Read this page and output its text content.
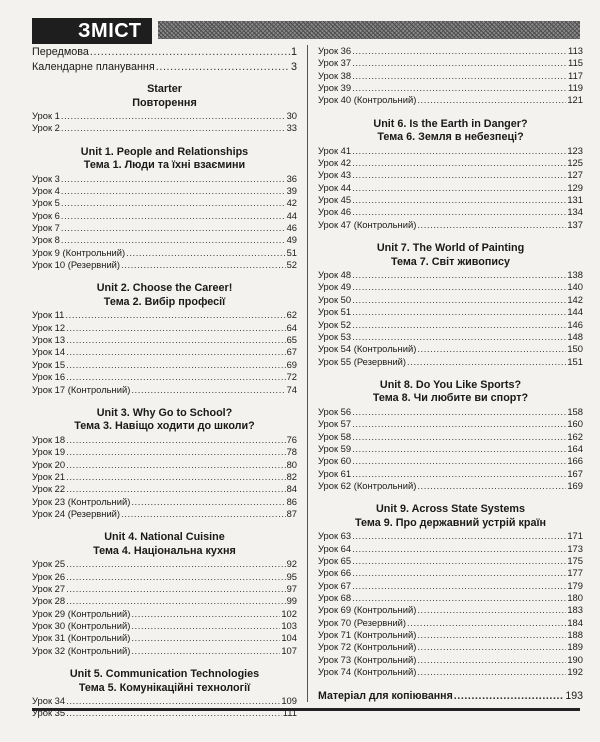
ЗМІСТ
Передмова .....	1
Календарне планування .....	3
Starter
Повторення
Урок 1 .....	30
Урок 2 .....	33
Unit 1. People and Relationships
Тема 1. Люди та їхні взаємини
Урок 3 .....	36
Урок 4 .....	39
Урок 5 .....	42
Урок 6 .....	44
Урок 7 .....	46
Урок 8 .....	49
Урок 9 (Контрольний) .....	51
Урок 10 (Резервний) .....	52
Unit 2. Choose the Career!
Тема 2. Вибір професії
Урок 11 .....	62
Урок 12 .....	64
Урок 13 .....	65
Урок 14 .....	67
Урок 15 .....	69
Урок 16 .....	72
Урок 17 (Контрольний) .....	74
Unit 3. Why Go to School?
Тема 3. Навіщо ходити до школи?
Урок 18 .....	76
Урок 19 .....	78
Урок 20 .....	80
Урок 21 .....	82
Урок 22 .....	84
Урок 23 (Контрольний) .....	86
Урок 24 (Резервний) .....	87
Unit 4. National Cuisine
Тема 4. Національна кухня
Урок 25 .....	92
Урок 26 .....	95
Урок 27 .....	97
Урок 28 .....	99
Урок 29 (Контрольний) .....	102
Урок 30 (Контрольний) .....	103
Урок 31 (Контрольний) .....	104
Урок 32 (Контрольний) .....	107
Unit 5. Communication Technologies
Тема 5. Комунікаційні технології
Урок 34 .....	109
Урок 35 .....	111
Урок 36 .....	113
Урок 37 .....	115
Урок 38 .....	117
Урок 39 .....	119
Урок 40 (Контрольний) .....	121
Unit 6. Is the Earth in Danger?
Тема 6. Земля в небезпеці?
Урок 41 .....	123
Урок 42 .....	125
Урок 43 .....	127
Урок 44 .....	129
Урок 45 .....	131
Урок 46 .....	134
Урок 47 (Контрольний) .....	137
Unit 7. The World of Painting
Тема 7. Світ живопису
Урок 48 .....	138
Урок 49 .....	140
Урок 50 .....	142
Урок 51 .....	144
Урок 52 .....	146
Урок 53 .....	148
Урок 54 (Контрольний) .....	150
Урок 55 (Резервний) .....	151
Unit 8. Do You Like Sports?
Тема 8. Чи любите ви спорт?
Урок 56 .....	158
Урок 57 .....	160
Урок 58 .....	162
Урок 59 .....	164
Урок 60 .....	166
Урок 61 .....	167
Урок 62 (Контрольний) .....	169
Unit 9. Across State Systems
Тема 9. Про державний устрій країн
Урок 63 .....	171
Урок 64 .....	173
Урок 65 .....	175
Урок 66 .....	177
Урок 67 .....	179
Урок 68 .....	180
Урок 69 (Контрольний) .....	183
Урок 70 (Резервний) .....	184
Урок 71 (Контрольний) .....	188
Урок 72 (Контрольний) .....	189
Урок 73 (Контрольний) .....	190
Урок 74 (Контрольний) .....	192
Матеріал для копіювання .....	193
